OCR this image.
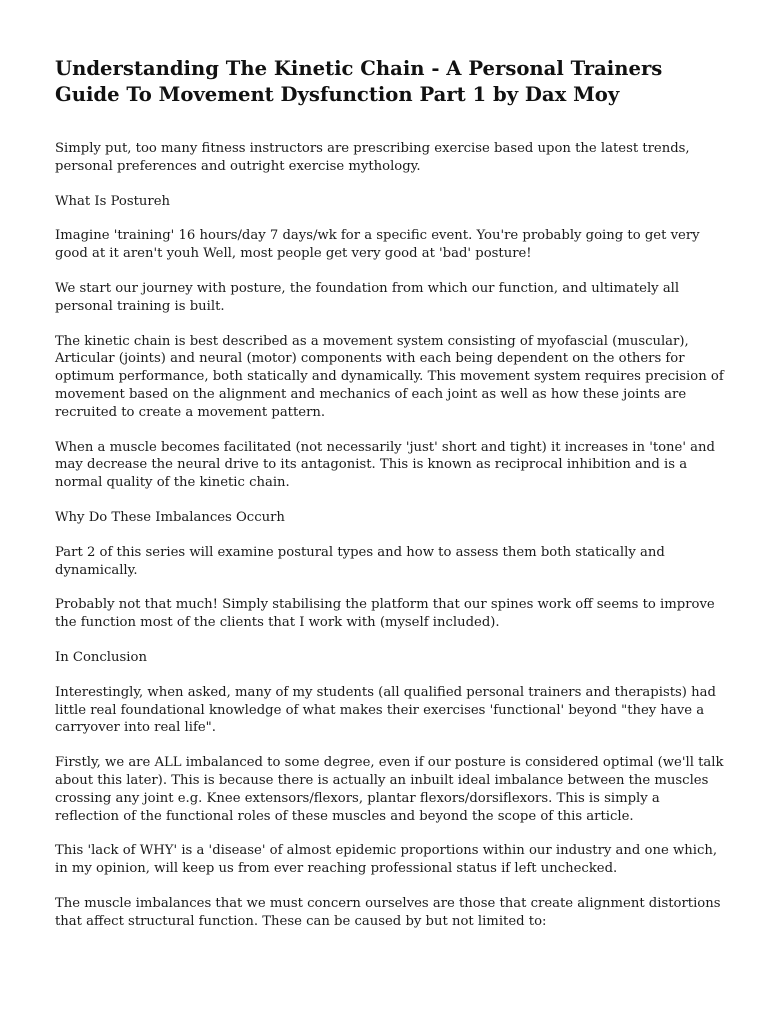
Understanding The Kinetic Chain - A Personal Trainers Guide To Movement Dysfunction Part 1 by Dax Moy

Simply put, too many fitness instructors are prescribing exercise based upon the latest trends, personal preferences and outright exercise mythology.

What Is Postureh

Imagine 'training' 16 hours/day 7 days/wk for a specific event. You're probably going to get very good at it aren't youh Well, most people get very good at 'bad' posture!

We start our journey with posture, the foundation from which our function, and ultimately all personal training is built.

The kinetic chain is best described as a movement system consisting of myofascial (muscular), Articular (joints) and neural (motor) components with each being dependent on the others for optimum performance, both statically and dynamically. This movement system requires precision of movement based on the alignment and mechanics of each joint as well as how these joints are recruited to create a movement pattern.

When a muscle becomes facilitated (not necessarily 'just' short and tight) it increases in 'tone' and may decrease the neural drive to its antagonist. This is known as reciprocal inhibition and is a normal quality of the kinetic chain.

Why Do These Imbalances Occurh

Part 2 of this series will examine postural types and how to assess them both statically and dynamically.

Probably not that much! Simply stabilising the platform that our spines work off seems to improve the function most of the clients that I work with (myself included).

In Conclusion

Interestingly, when asked, many of my students (all qualified personal trainers and therapists) had little real foundational knowledge of what makes their exercises 'functional' beyond "they have a carryover into real life".

Firstly, we are ALL imbalanced to some degree, even if our posture is considered optimal (we'll talk about this later). This is because there is actually an inbuilt ideal imbalance between the muscles crossing any joint e.g. Knee extensors/flexors, plantar flexors/dorsiflexors. This is simply a reflection of the functional roles of these muscles and beyond the scope of this article.

This 'lack of WHY' is a 'disease' of almost epidemic proportions within our industry and one which, in my opinion, will keep us from ever reaching professional status if left unchecked.

The muscle imbalances that we must concern ourselves are those that create alignment distortions that affect structural function. These can be caused by but not limited to:
